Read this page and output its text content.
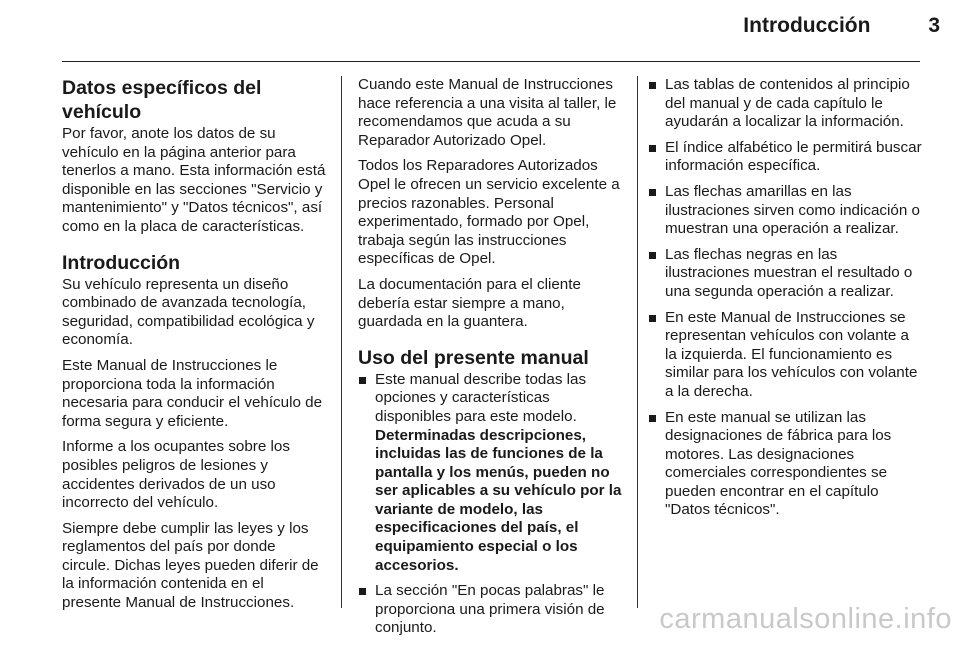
Introducción	3
Datos específicos del vehículo

Por favor, anote los datos de su vehículo en la página anterior para tenerlos a mano. Esta información está disponible en las secciones "Servicio y mantenimiento" y "Datos técnicos", así como en la placa de características.

Introducción

Su vehículo representa un diseño combinado de avanzada tecnología, seguridad, compatibilidad ecológica y economía.

Este Manual de Instrucciones le proporciona toda la información necesaria para conducir el vehículo de forma segura y eficiente.

Informe a los ocupantes sobre los posibles peligros de lesiones y accidentes derivados de un uso incorrecto del vehículo.

Siempre debe cumplir las leyes y los reglamentos del país por donde circule. Dichas leyes pueden diferir de la información contenida en el presente Manual de Instrucciones.

Cuando este Manual de Instrucciones hace referencia a una visita al taller, le recomendamos que acuda a su Reparador Autorizado Opel.

Todos los Reparadores Autorizados Opel le ofrecen un servicio excelente a precios razonables. Personal experimentado, formado por Opel, trabaja según las instrucciones específicas de Opel.

La documentación para el cliente debería estar siempre a mano, guardada en la guantera.

Uso del presente manual
Este manual describe todas las opciones y características disponibles para este modelo. Determinadas descripciones, incluidas las de funciones de la pantalla y los menús, pueden no ser aplicables a su vehículo por la variante de modelo, las especificaciones del país, el equipamiento especial o los accesorios.
La sección "En pocas palabras" le proporciona una primera visión de conjunto.
Las tablas de contenidos al principio del manual y de cada capítulo le ayudarán a localizar la información.
El índice alfabético le permitirá buscar información específica.
Las flechas amarillas en las ilustraciones sirven como indicación o muestran una operación a realizar.
Las flechas negras en las ilustraciones muestran el resultado o una segunda operación a realizar.
En este Manual de Instrucciones se representan vehículos con volante a la izquierda. El funcionamiento es similar para los vehículos con volante a la derecha.
En este manual se utilizan las designaciones de fábrica para los motores. Las designaciones comerciales correspondientes se pueden encontrar en el capítulo "Datos técnicos".
carmanualsonline.info
